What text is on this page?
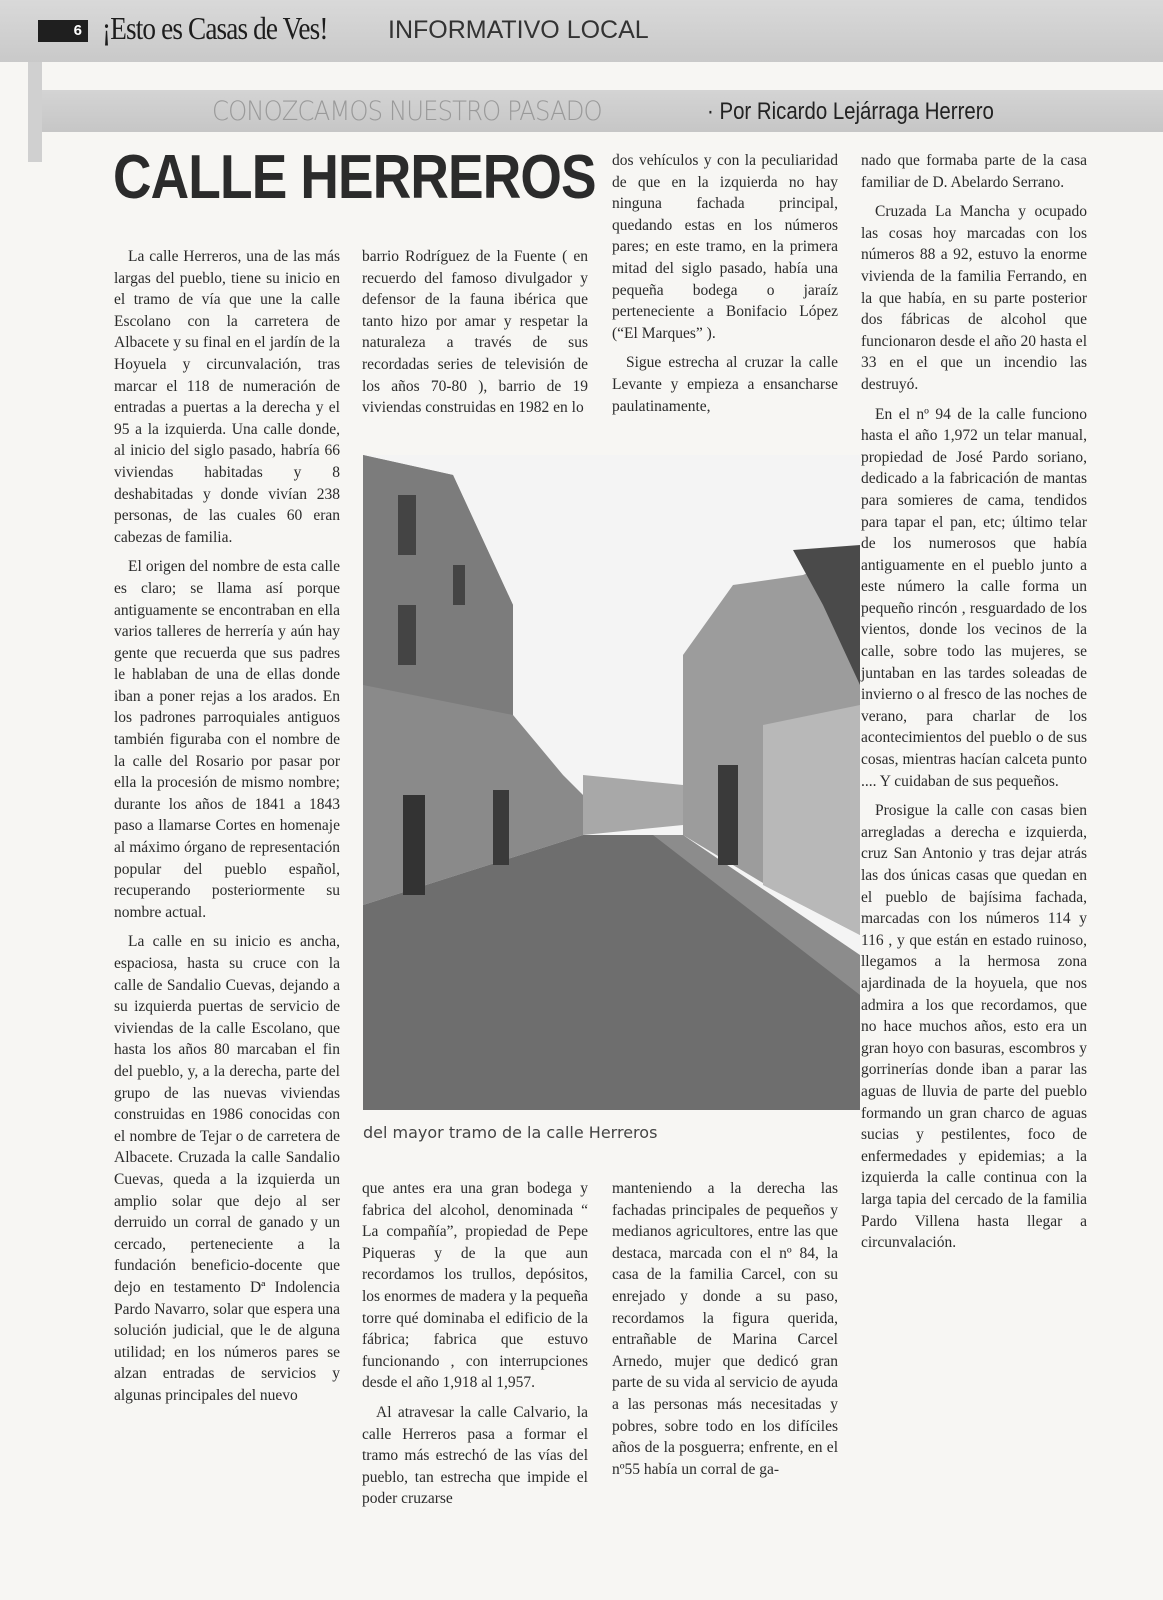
6 ¡Esto es Casas de Ves! INFORMATIVO LOCAL
CONOZCAMOS NUESTRO PASADO	· Por Ricardo Lejárraga Herrero
CALLE HERREROS

La calle Herreros, una de las más largas del pueblo, tiene su inicio en el tramo de vía que une la calle Escolano con la carretera de Albacete y su final en el jardín de la Hoyuela y circunvalación, tras marcar el 118 de numeración de entradas a puertas a la derecha y el 95 a la izquierda. Una calle donde, al inicio del siglo pasado, habría 66 viviendas habitadas y 8 deshabitadas y donde vivían 238 personas, de las cuales 60 eran cabezas de familia.

El origen del nombre de esta calle es claro; se llama así porque antiguamente se encontraban en ella varios talleres de herrería y aún hay gente que recuerda que sus padres le hablaban de una de ellas donde iban a poner rejas a los arados. En los padrones parroquiales antiguos también figuraba con el nombre de la calle del Rosario por pasar por ella la procesión de mismo nombre; durante los años de 1841 a 1843 paso a llamarse Cortes en homenaje al máximo órgano de representación popular del pueblo español, recuperando posteriormente su nombre actual.

La calle en su inicio es ancha, espaciosa, hasta su cruce con la calle de Sandalio Cuevas, dejando a su izquierda puertas de servicio de viviendas de la calle Escolano, que hasta los años 80 marcaban el fin del pueblo, y, a la derecha, parte del grupo de las nuevas viviendas construidas en 1986 conocidas con el nombre de Tejar o de carretera de Albacete. Cruzada la calle Sandalio Cuevas, queda a la izquierda un amplio solar que dejo al ser derruido un corral de ganado y un cercado, perteneciente a la fundación beneficio-docente que dejo en testamento Dª Indolencia Pardo Navarro, solar que espera una solución judicial, que le de alguna utilidad; en los números pares se alzan entradas de servicios y algunas principales del nuevo

barrio Rodríguez de la Fuente ( en recuerdo del famoso divulgador y defensor de la fauna ibérica que tanto hizo por amar y respetar la naturaleza a través de sus recordadas series de televisión de los años 70-80 ), barrio de 19 viviendas construidas en 1982 en lo

que antes era una gran bodega y fabrica del alcohol, denominada “ La compañía”, propiedad de Pepe Piqueras y de la que aun recordamos los trullos, depósitos, los enormes de madera y la pequeña torre qué dominaba el edificio de la fábrica; fabrica que estuvo funcionando , con interrupciones desde el año 1,918 al 1,957.

Al atravesar la calle Calvario, la calle Herreros pasa a formar el tramo más estrechó de las vías del pueblo, tan estrecha que impide el poder cruzarse

dos vehículos y con la peculiaridad de que en la izquierda no hay ninguna fachada principal, quedando estas en los números pares; en este tramo, en la primera mitad del siglo pasado, había una pequeña bodega o jaraíz perteneciente a Bonifacio López (“El Marques” ).

Sigue estrecha al cruzar la calle Levante y empieza a ensancharse paulatinamente,

manteniendo a la derecha las fachadas principales de pequeños y medianos agricultores, entre las que destaca, marcada con el nº 84, la casa de la familia Carcel, con su enrejado y donde a su paso, recordamos la figura querida, entrañable de Marina Carcel Arnedo, mujer que dedicó gran parte de su vida al servicio de ayuda a las personas más necesitadas y pobres, sobre todo en los difíciles años de la posguerra; enfrente, en el nº55 había un corral de ga-

nado que formaba parte de la casa familiar de D. Abelardo Serrano.

Cruzada La Mancha y ocupado las cosas hoy marcadas con los números 88 a 92, estuvo la enorme vivienda de la familia Ferrando, en la que había, en su parte posterior dos fábricas de alcohol que funcionaron desde el año 20 hasta el 33 en el que un incendio las destruyó.

En el nº 94 de la calle funciono hasta el año 1,972 un telar manual, propiedad de José Pardo soriano, dedicado a la fabricación de mantas para somieres de cama, tendidos para tapar el pan, etc; último telar de los numerosos que había antiguamente en el pueblo junto a este número la calle forma un pequeño rincón , resguardado de los vientos, donde los vecinos de la calle, sobre todo las mujeres, se juntaban en las tardes soleadas de invierno o al fresco de las noches de verano, para charlar de los acontecimientos del pueblo o de sus cosas, mientras hacían calceta punto .... Y cuidaban de sus pequeños.

Prosigue la calle con casas bien arregladas a derecha e izquierda, cruz San Antonio y tras dejar atrás las dos únicas casas que quedan en el pueblo de bajísima fachada, marcadas con los números 114 y 116 , y que están en estado ruinoso, llegamos a la hermosa zona ajardinada de la hoyuela, que nos admira a los que recordamos, que no hace muchos años, esto era un gran hoyo con basuras, escombros y gorrinerías donde iban a parar las aguas de lluvia de parte del pueblo formando un gran charco de aguas sucias y pestilentes, foco de enfermedades y epidemias; a la izquierda la calle continua con la larga tapia del cercado de la familia Pardo Villena hasta llegar a circunvalación.

del mayor tramo de la calle Herreros
